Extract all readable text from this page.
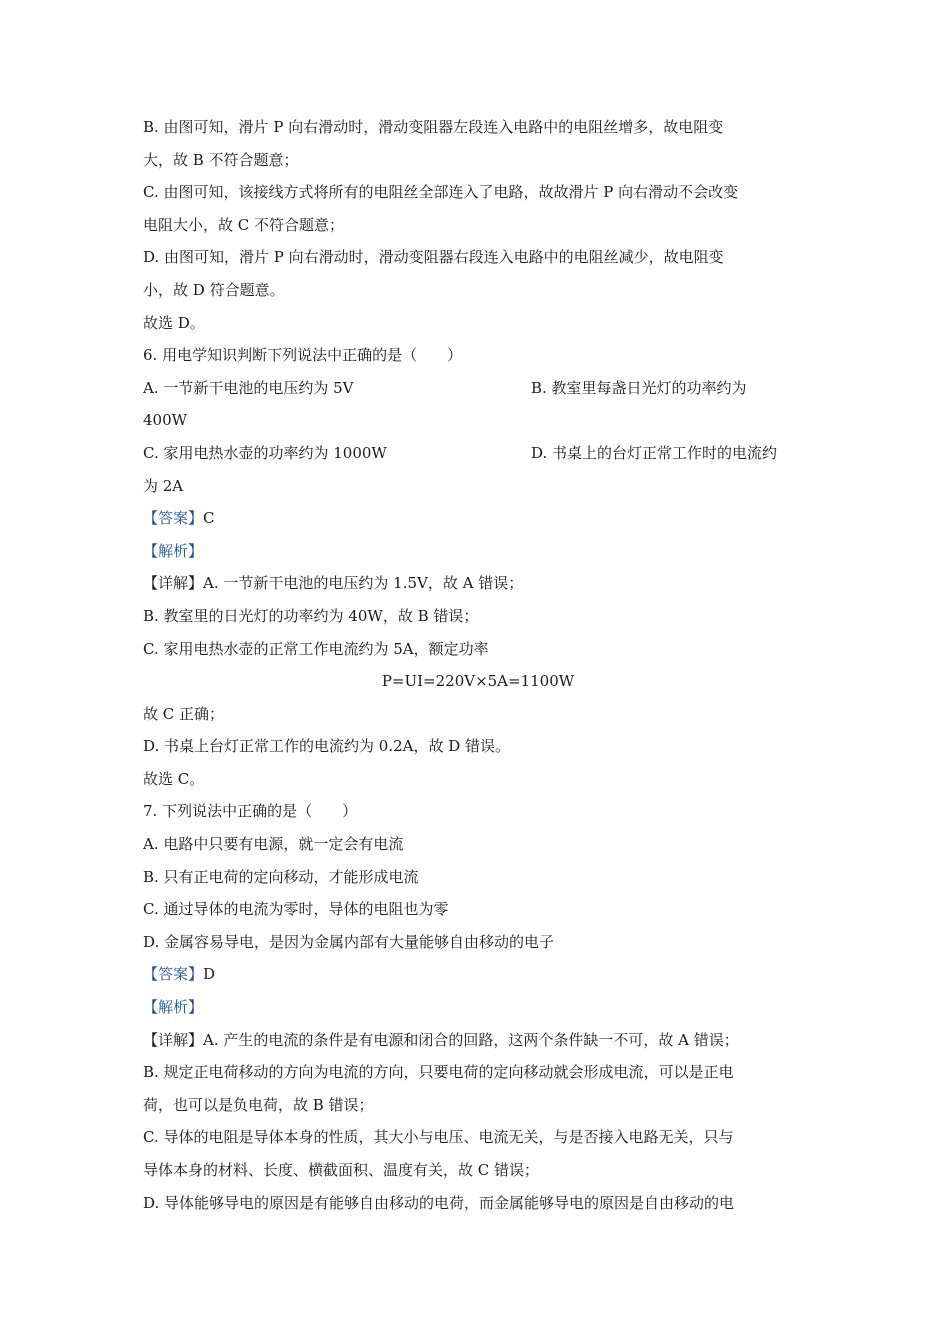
B. 由图可知，滑片 P 向右滑动时，滑动变阻器左段连入电路中的电阻丝增多，故电阻变
大，故 B 不符合题意；
C. 由图可知，该接线方式将所有的电阻丝全部连入了电路，故故滑片 P 向右滑动不会改变
电阻大小，故 C 不符合题意；
D. 由图可知，滑片 P 向右滑动时，滑动变阻器右段连入电路中的电阻丝减少，故电阻变
小，故 D 符合题意。
故选 D。
6. 用电学知识判断下列说法中正确的是（　　）
A. 一节新干电池的电压约为 5V	B. 教室里每盏日光灯的功率约为
400W
C. 家用电热水壶的功率约为 1000W	D. 书桌上的台灯正常工作时的电流约
为 2A
【答案】C
【解析】
【详解】A. 一节新干电池的电压约为 1.5V，故 A 错误；
B. 教室里的日光灯的功率约为 40W，故 B 错误；
C. 家用电热水壶的正常工作电流约为 5A，额定功率
P=UI=220V×5A=1100W
故 C 正确；
D. 书桌上台灯正常工作的电流约为 0.2A，故 D 错误。
故选 C。
7. 下列说法中正确的是（　　）
A. 电路中只要有电源，就一定会有电流
B. 只有正电荷的定向移动，才能形成电流
C. 通过导体的电流为零时，导体的电阻也为零
D. 金属容易导电，是因为金属内部有大量能够自由移动的电子
【答案】D
【解析】
【详解】A. 产生的电流的条件是有电源和闭合的回路，这两个条件缺一不可，故 A 错误；
B. 规定正电荷移动的方向为电流的方向，只要电荷的定向移动就会形成电流，可以是正电
荷，也可以是负电荷，故 B 错误；
C. 导体的电阻是导体本身的性质，其大小与电压、电流无关，与是否接入电路无关，只与
导体本身的材料、长度、横截面积、温度有关，故 C 错误；
D. 导体能够导电的原因是有能够自由移动的电荷，而金属能够导电的原因是自由移动的电
